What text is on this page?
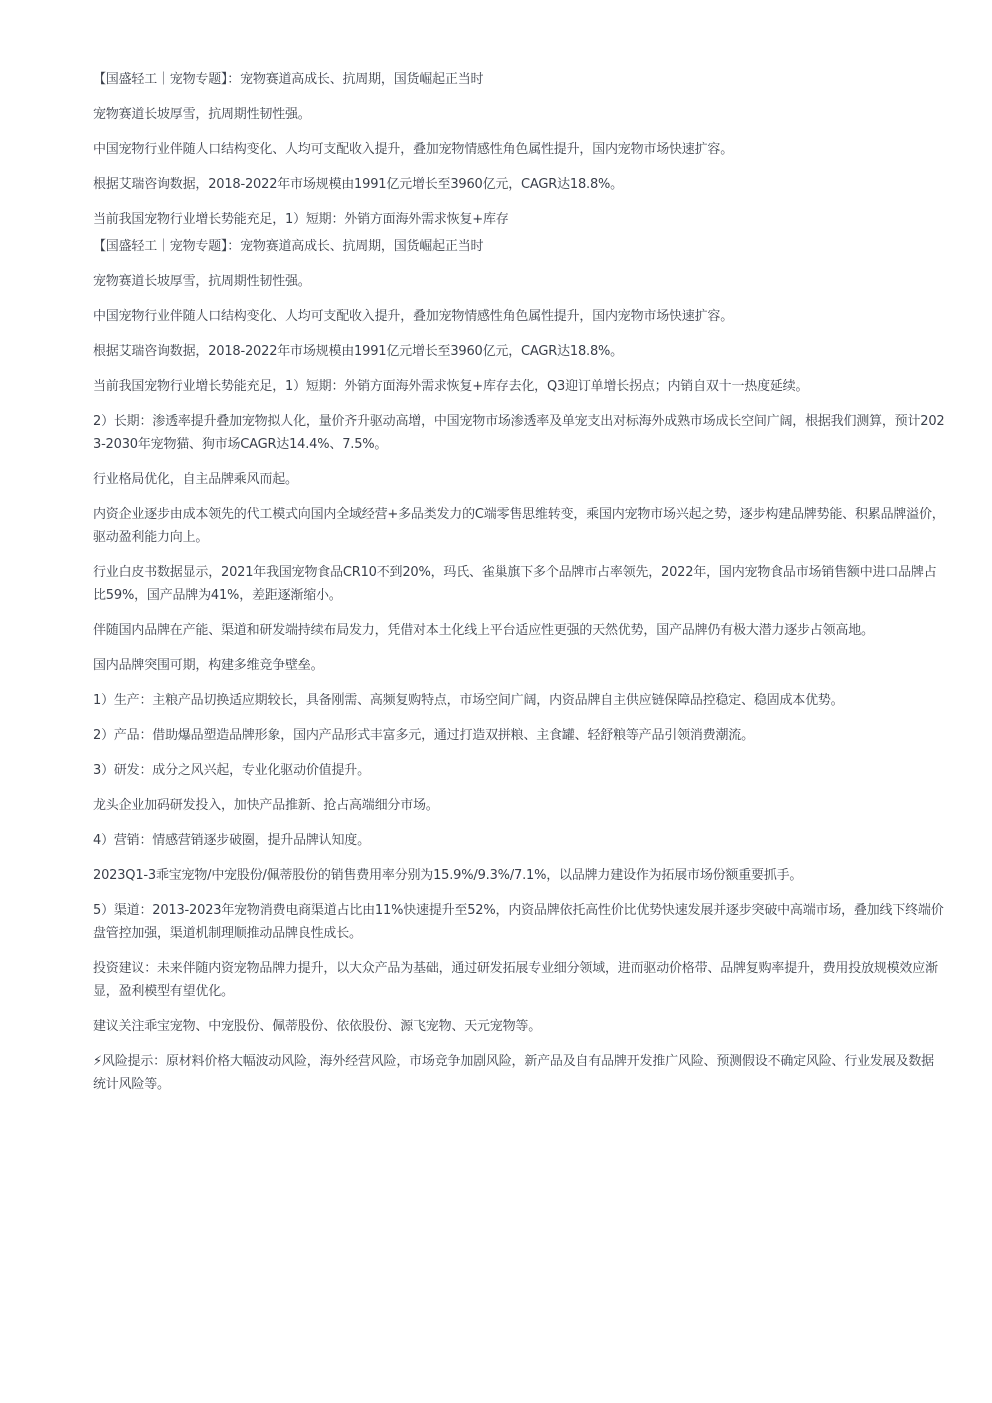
【国盛轻工｜宠物专题】：宠物赛道高成长、抗周期，国货崛起正当时

宠物赛道长坡厚雪，抗周期性韧性强。

中国宠物行业伴随人口结构变化、人均可支配收入提升，叠加宠物情感性角色属性提升，国内宠物市场快速扩容。

根据艾瑞咨询数据，2018-2022年市场规模由1991亿元增长至3960亿元，CAGR达18.8%。

当前我国宠物行业增长势能充足，1）短期：外销方面海外需求恢复+库存

【国盛轻工｜宠物专题】：宠物赛道高成长、抗周期，国货崛起正当时

宠物赛道长坡厚雪，抗周期性韧性强。

中国宠物行业伴随人口结构变化、人均可支配收入提升，叠加宠物情感性角色属性提升，国内宠物市场快速扩容。

根据艾瑞咨询数据，2018-2022年市场规模由1991亿元增长至3960亿元，CAGR达18.8%。

当前我国宠物行业增长势能充足，1）短期：外销方面海外需求恢复+库存去化，Q3迎订单增长拐点；内销自双十一热度延续。

2）长期：渗透率提升叠加宠物拟人化，量价齐升驱动高增，中国宠物市场渗透率及单宠支出对标海外成熟市场成长空间广阔，根据我们测算，预计2023-2030年宠物猫、狗市场CAGR达14.4%、7.5%。

行业格局优化，自主品牌乘风而起。

内资企业逐步由成本领先的代工模式向国内全域经营+多品类发力的C端零售思维转变，乘国内宠物市场兴起之势，逐步构建品牌势能、积累品牌溢价，驱动盈利能力向上。

行业白皮书数据显示，2021年我国宠物食品CR10不到20%，玛氏、雀巢旗下多个品牌市占率领先，2022年，国内宠物食品市场销售额中进口品牌占比59%，国产品牌为41%，差距逐渐缩小。

伴随国内品牌在产能、渠道和研发端持续布局发力，凭借对本土化线上平台适应性更强的天然优势，国产品牌仍有极大潜力逐步占领高地。

国内品牌突围可期，构建多维竞争壁垒。

1）生产：主粮产品切换适应期较长，具备刚需、高频复购特点，市场空间广阔，内资品牌自主供应链保障品控稳定、稳固成本优势。

2）产品：借助爆品塑造品牌形象，国内产品形式丰富多元，通过打造双拼粮、主食罐、轻舒粮等产品引领消费潮流。

3）研发：成分之风兴起，专业化驱动价值提升。

龙头企业加码研发投入，加快产品推新、抢占高端细分市场。

4）营销：情感营销逐步破圈，提升品牌认知度。

2023Q1-3乖宝宠物/中宠股份/佩蒂股份的销售费用率分别为15.9%/9.3%/7.1%，以品牌力建设作为拓展市场份额重要抓手。

5）渠道：2013-2023年宠物消费电商渠道占比由11%快速提升至52%，内资品牌依托高性价比优势快速发展并逐步突破中高端市场，叠加线下终端价盘管控加强，渠道机制理顺推动品牌良性成长。

投资建议：未来伴随内资宠物品牌力提升，以大众产品为基础，通过研发拓展专业细分领域，进而驱动价格带、品牌复购率提升，费用投放规模效应渐显，盈利模型有望优化。

建议关注乖宝宠物、中宠股份、佩蒂股份、依依股份、源飞宠物、天元宠物等。

⚡风险提示：原材料价格大幅波动风险，海外经营风险，市场竞争加剧风险，新产品及自有品牌开发推广风险、预测假设不确定风险、行业发展及数据统计风险等。
